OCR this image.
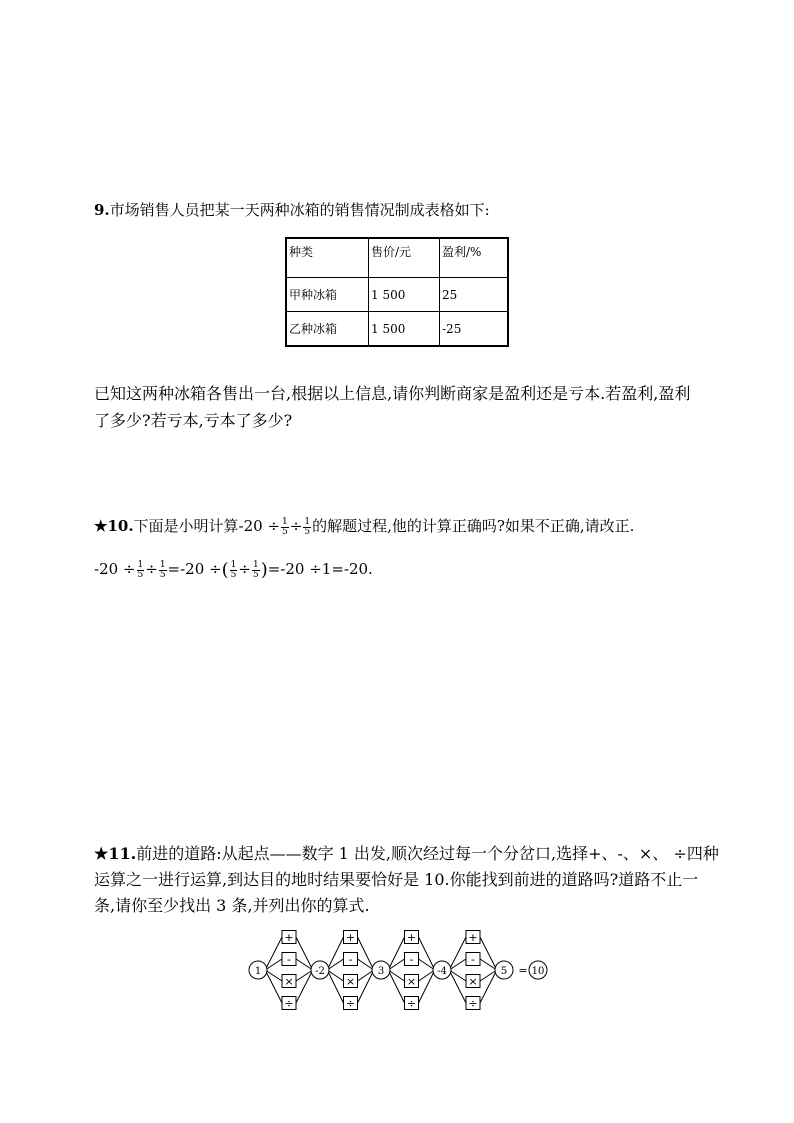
9.市场销售人员把某一天两种冰箱的销售情况制成表格如下:
种类	售价/元	盈利/%
甲种冰箱	1 500	25
乙种冰箱	1 500	-25
已知这两种冰箱各售出一台,根据以上信息,请你判断商家是盈利还是亏本.若盈利,盈利
了多少?若亏本,亏本了多少?
★10.下面是小明计算$-20 \div \frac{1}{5} \div \frac{1}{5}$ 的解题过程,他的计算正确吗?如果不正确,请改正.
$-20 \div \frac{1}{5} \div \frac{1}{5} =-20$ ÷( $\frac{1}{5} \div \frac{1}{5} )=-20 \div 1=-20$.
★11.前进的道路:从起点——数字 1 出发,顺次经过每一个分岔口,选择+、-、×、 ÷四种
运算之一进行运算,到达目的地时结果要恰好是 10.你能找到前进的道路吗?道路不止一
条,请你至少找出 3 条,并列出你的算式.
+
-
×
÷
+
-
×
÷
+
-
×
÷
+
-
×
÷
1	-2	3	-4	5 = 10
